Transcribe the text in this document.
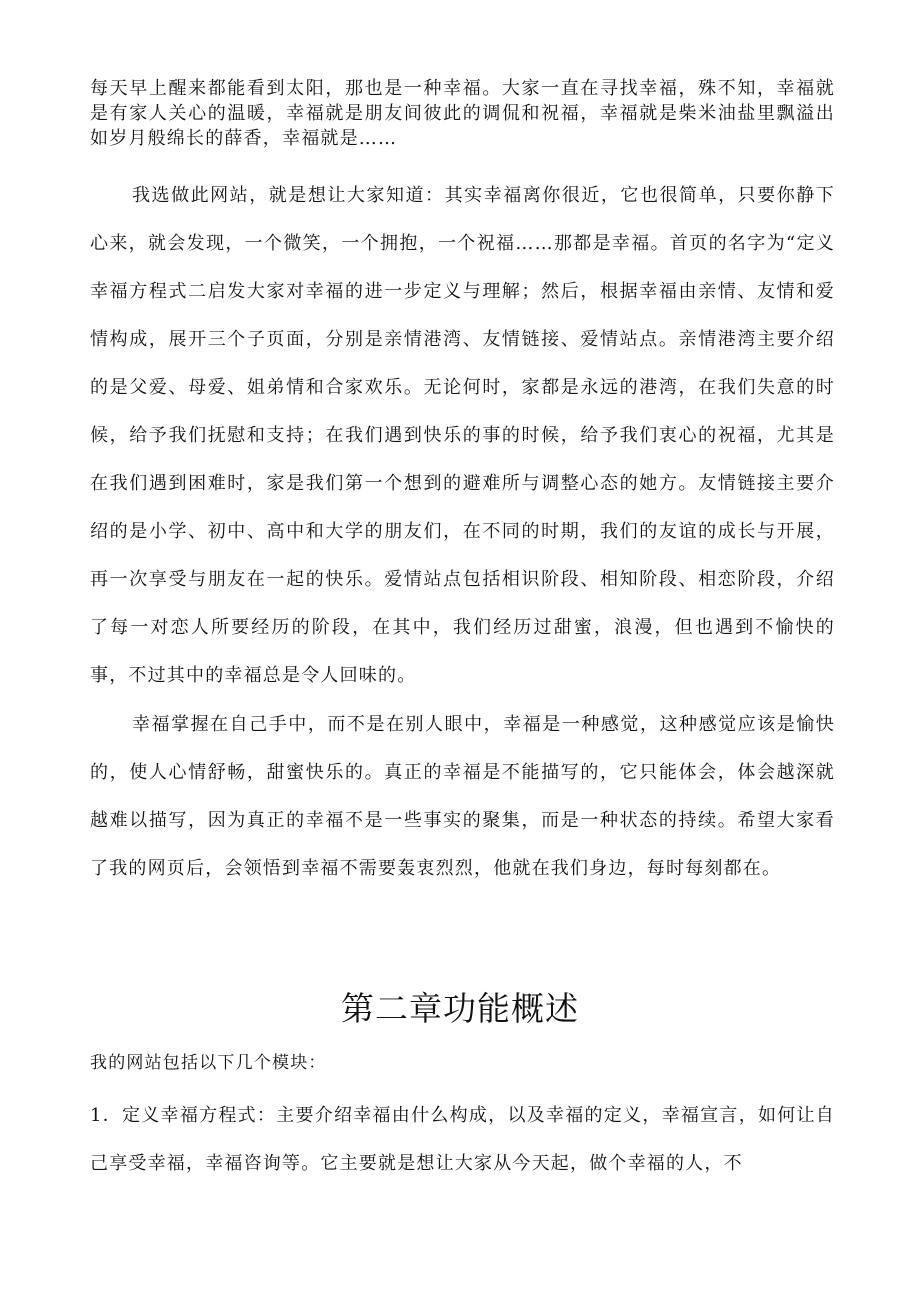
每天早上醒来都能看到太阳，那也是一种幸福。大家一直在寻找幸福，殊不知，幸福就是有家人关心的温暖，幸福就是朋友间彼此的调侃和祝福，幸福就是柴米油盐里飘溢出如岁月般绵长的薛香，幸福就是……

我选做此网站，就是想让大家知道：其实幸福离你很近，它也很简单，只要你静下心来，就会发现，一个微笑，一个拥抱，一个祝福……那都是幸福。首页的名字为“定义幸福方程式二启发大家对幸福的进一步定义与理解；然后，根据幸福由亲情、友情和爱情构成，展开三个子页面，分别是亲情港湾、友情链接、爱情站点。亲情港湾主要介绍的是父爱、母爱、姐弟情和合家欢乐。无论何时，家都是永远的港湾，在我们失意的时候，给予我们抚慰和支持；在我们遇到快乐的事的时候，给予我们衷心的祝福，尤其是在我们遇到困难时，家是我们第一个想到的避难所与调整心态的她方。友情链接主要介绍的是小学、初中、高中和大学的朋友们，在不同的时期，我们的友谊的成长与开展，再一次享受与朋友在一起的快乐。爱情站点包括相识阶段、相知阶段、相恋阶段，介绍了每一对恋人所要经历的阶段，在其中，我们经历过甜蜜，浪漫，但也遇到不愉快的事，不过其中的幸福总是令人回味的。

幸福掌握在自己手中，而不是在别人眼中，幸福是一种感觉，这种感觉应该是愉快的，使人心情舒畅，甜蜜快乐的。真正的幸福是不能描写的，它只能体会，体会越深就越难以描写，因为真正的幸福不是一些事实的聚集，而是一种状态的持续。希望大家看了我的网页后，会领悟到幸福不需要轰衷烈烈，他就在我们身边，每时每刻都在。

第二章功能概述

我的网站包括以下几个模块：

1．定义幸福方程式：主要介绍幸福由什么构成，以及幸福的定义，幸福宣言，如何让自己享受幸福，幸福咨询等。它主要就是想让大家从今天起，做个幸福的人，不
